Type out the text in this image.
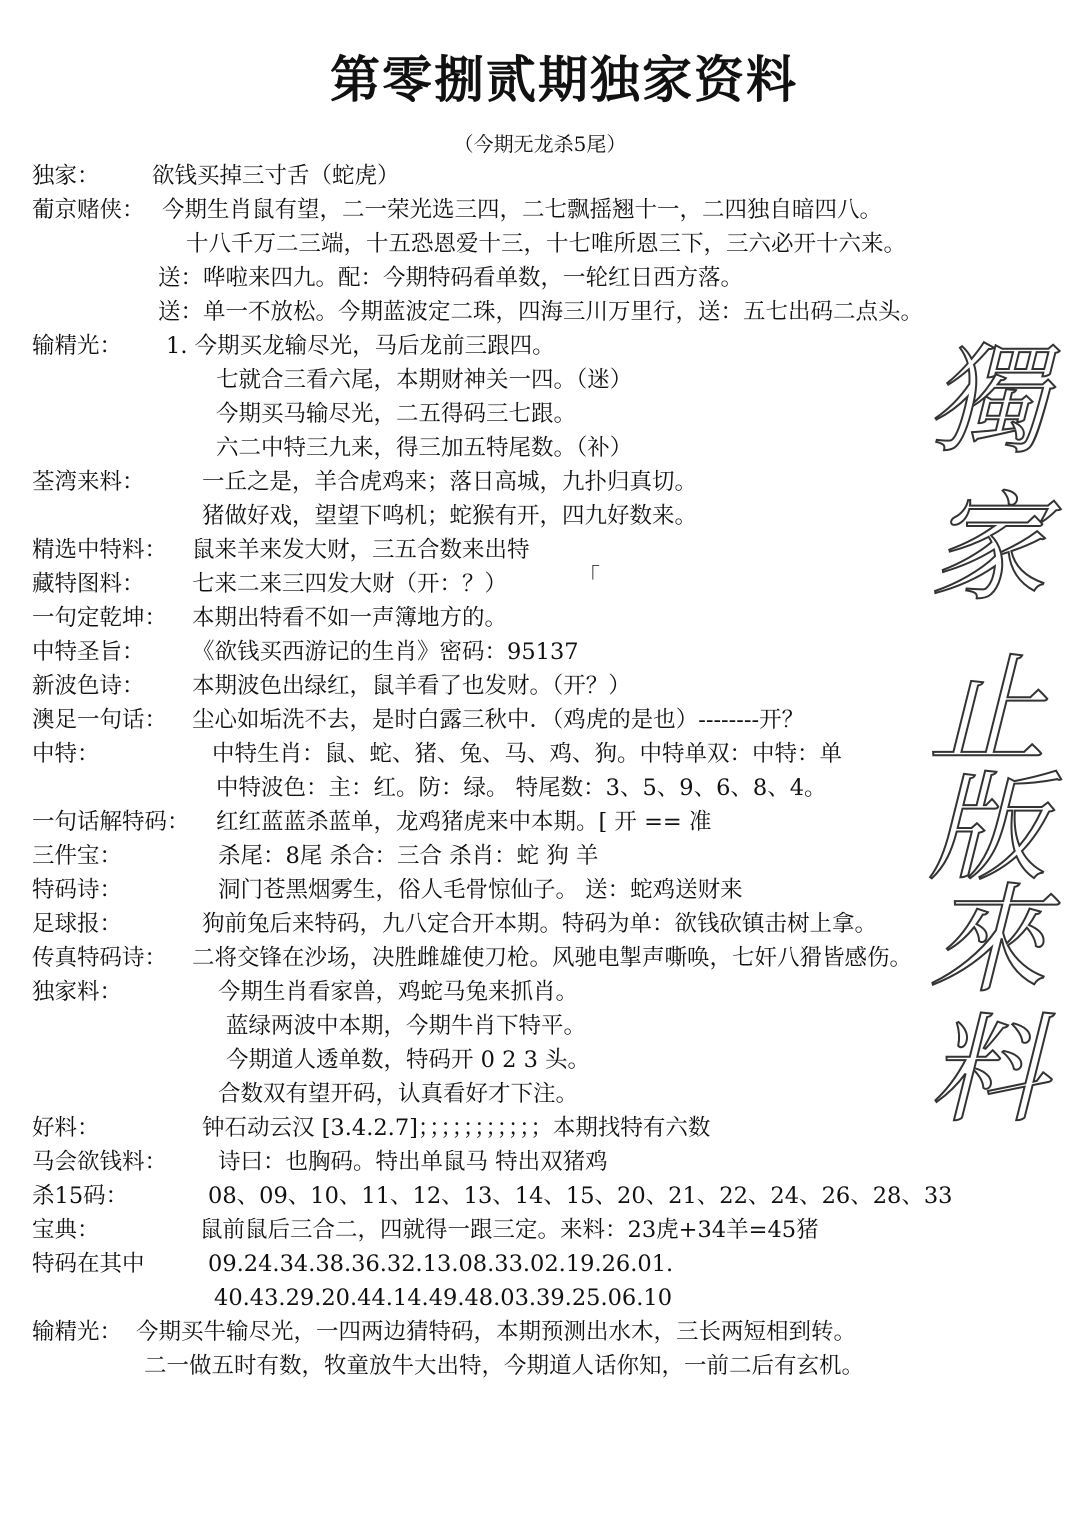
第零捌贰期独家资料
（今期无龙杀5尾）
獨
家
止
版
來
料
「
独家： 欲钱买掉三寸舌（蛇虎）
葡京赌侠： 今期生肖鼠有望，二一荣光选三四，二七飘摇翘十一，二四独自暗四八。
十八千万二三端，十五恐恩爱十三，十七唯所恩三下，三六必开十六来。
送：哗啦来四九。配：今期特码看单数，一轮红日西方落。
送：单一不放松。今期蓝波定二珠，四海三川万里行，送：五七出码二点头。
输精光： 1. 今期买龙输尽光，马后龙前三跟四。
七就合三看六尾，本期财神关一四。（迷）
今期买马输尽光，二五得码三七跟。
六二中特三九来，得三加五特尾数。（补）
荃湾来料：	一丘之是，羊合虎鸡来；落日高城，九扑归真切。
猪做好戏，望望下鸣机；蛇猴有开，四九好数来。
精选中特料： 鼠来羊来发大财，三五合数来出特
藏特图料： 七来二来三四发大财（开：？）
一句定乾坤： 本期出特看不如一声簿地方的。
中特圣旨： 《欲钱买西游记的生肖》密码：95137
新波色诗： 本期波色出绿红，鼠羊看了也发财。（开？）
澳足一句话： 尘心如垢洗不去，是时白露三秋中．（鸡虎的是也）--------开？
中特：	中特生肖：鼠、蛇、猪、兔、马、鸡、狗。中特单双：中特：单
中特波色：主：红。防：绿。 特尾数：3、5、9、6、8、4。
一句话解特码： 红红蓝蓝杀蓝单，龙鸡猪虎来中本期。[ 开 == 准
三件宝：	杀尾：8尾 杀合：三合 杀肖：蛇 狗 羊
特码诗：	洞门苍黑烟雾生，俗人毛骨惊仙子。 送：蛇鸡送财来
足球报：	狗前兔后来特码，九八定合开本期。特码为单：欲钱砍镇击树上拿。
传真特码诗： 二将交锋在沙场，决胜雌雄使刀枪。风驰电掣声嘶唤，七奸八猾皆感伤。
独家料：	今期生肖看家兽，鸡蛇马兔来抓肖。
蓝绿两波中本期，今期牛肖下特平。
今期道人透单数，特码开 0 2 3 头。
合数双有望开码，认真看好才下注。
好料：	钟石动云汉 [3.4.2.7]；；；；；；；；；；；本期找特有六数
马会欲钱料： 诗曰：也胸码。特出单鼠马 特出双猪鸡
杀15码：	08、09、10、11、12、13、14、15、20、21、22、24、26、28、33
宝典：	鼠前鼠后三合二，四就得一跟三定。来料：23虎+34羊=45猪
特码在其中	09.24.34.38.36.32.13.08.33.02.19.26.01.
40.43.29.20.44.14.49.48.03.39.25.06.10
输精光： 今期买牛输尽光，一四两边猜特码，本期预测出水木，三长两短相到转。
二一做五时有数，牧童放牛大出特，今期道人话你知，一前二后有玄机。
